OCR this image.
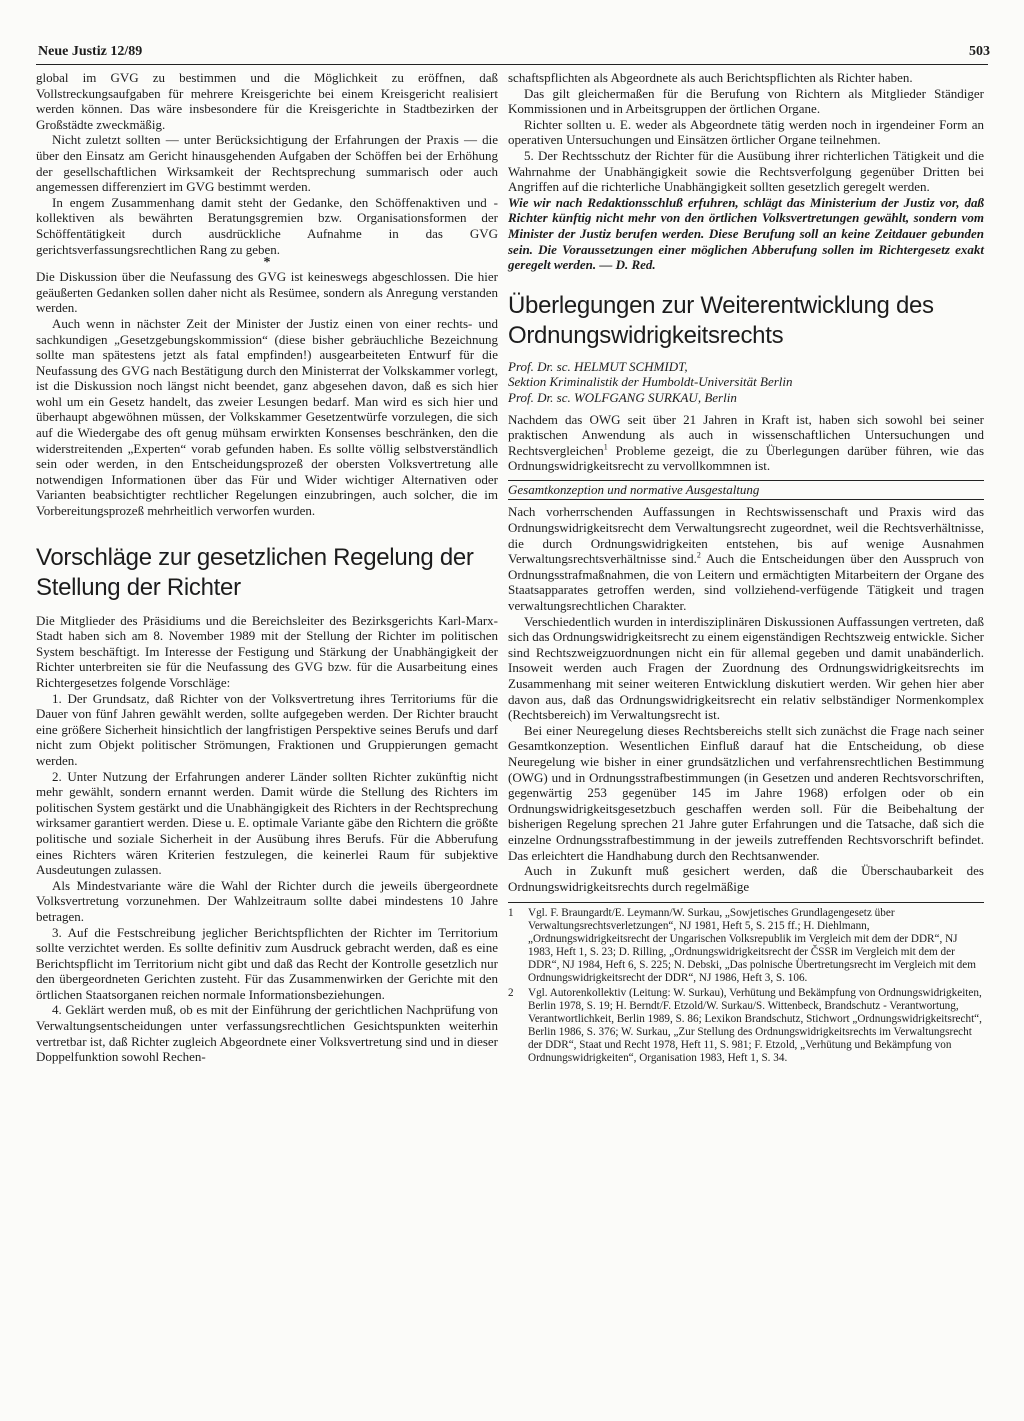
Neue Justiz 12/89	503

global im GVG zu bestimmen und die Möglichkeit zu eröffnen, daß Vollstreckungsaufgaben für mehrere Kreisgerichte bei einem Kreisgericht realisiert werden können. Das wäre insbesondere für die Kreisgerichte in Stadtbezirken der Großstädte zweckmäßig.

Nicht zuletzt sollten — unter Berücksichtigung der Erfahrungen der Praxis — die über den Einsatz am Gericht hinausgehenden Aufgaben der Schöffen bei der Erhöhung der gesellschaftlichen Wirksamkeit der Rechtsprechung summarisch oder auch angemessen differenziert im GVG bestimmt werden.

In engem Zusammenhang damit steht der Gedanke, den Schöffenaktiven und -kollektiven als bewährten Beratungsgremien bzw. Organisationsformen der Schöffentätigkeit durch ausdrückliche Aufnahme in das GVG gerichtsverfassungsrechtlichen Rang zu geben.

*

Die Diskussion über die Neufassung des GVG ist keineswegs abgeschlossen. Die hier geäußerten Gedanken sollen daher nicht als Resümee, sondern als Anregung verstanden werden.

Auch wenn in nächster Zeit der Minister der Justiz einen von einer rechts- und sachkundigen „Gesetzgebungskommission“ (diese bisher gebräuchliche Bezeichnung sollte man spätestens jetzt als fatal empfinden!) ausgearbeiteten Entwurf für die Neufassung des GVG nach Bestätigung durch den Ministerrat der Volkskammer vorlegt, ist die Diskussion noch längst nicht beendet, ganz abgesehen davon, daß es sich hier wohl um ein Gesetz handelt, das zweier Lesungen bedarf. Man wird es sich hier und überhaupt abgewöhnen müssen, der Volkskammer Gesetzentwürfe vorzulegen, die sich auf die Wiedergabe des oft genug mühsam erwirkten Konsenses beschränken, den die widerstreitenden „Experten“ vorab gefunden haben. Es sollte völlig selbstverständlich sein oder werden, in den Entscheidungsprozeß der obersten Volksvertretung alle notwendigen Informationen über das Für und Wider wichtiger Alternativen oder Varianten beabsichtigter rechtlicher Regelungen einzubringen, auch solcher, die im Vorbereitungsprozeß mehrheitlich verworfen wurden.

Vorschläge zur gesetzlichen Regelung der Stellung der Richter

Die Mitglieder des Präsidiums und die Bereichsleiter des Bezirksgerichts Karl-Marx-Stadt haben sich am 8. November 1989 mit der Stellung der Richter im politischen System beschäftigt. Im Interesse der Festigung und Stärkung der Unabhängigkeit der Richter unterbreiten sie für die Neufassung des GVG bzw. für die Ausarbeitung eines Richtergesetzes folgende Vorschläge:

1. Der Grundsatz, daß Richter von der Volksvertretung ihres Territoriums für die Dauer von fünf Jahren gewählt werden, sollte aufgegeben werden. Der Richter braucht eine größere Sicherheit hinsichtlich der langfristigen Perspektive seines Berufs und darf nicht zum Objekt politischer Strömungen, Fraktionen und Gruppierungen gemacht werden.

2. Unter Nutzung der Erfahrungen anderer Länder sollten Richter zukünftig nicht mehr gewählt, sondern ernannt werden. Damit würde die Stellung des Richters im politischen System gestärkt und die Unabhängigkeit des Richters in der Rechtsprechung wirksamer garantiert werden. Diese u. E. optimale Variante gäbe den Richtern die größte politische und soziale Sicherheit in der Ausübung ihres Berufs. Für die Abberufung eines Richters wären Kriterien festzulegen, die keinerlei Raum für subjektive Ausdeutungen zulassen.

Als Mindestvariante wäre die Wahl der Richter durch die jeweils übergeordnete Volksvertretung vorzunehmen. Der Wahlzeitraum sollte dabei mindestens 10 Jahre betragen.

3. Auf die Festschreibung jeglicher Berichtspflichten der Richter im Territorium sollte verzichtet werden. Es sollte definitiv zum Ausdruck gebracht werden, daß es eine Berichtspflicht im Territorium nicht gibt und daß das Recht der Kontrolle gesetzlich nur den übergeordneten Gerichten zusteht. Für das Zusammenwirken der Gerichte mit den örtlichen Staatsorganen reichen normale Informationsbeziehungen.

4. Geklärt werden muß, ob es mit der Einführung der gerichtlichen Nachprüfung von Verwaltungsentscheidungen unter verfassungsrechtlichen Gesichtspunkten weiterhin vertretbar ist, daß Richter zugleich Abgeordnete einer Volksvertretung sind und in dieser Doppelfunktion sowohl Rechen-

schaftspflichten als Abgeordnete als auch Berichtspflichten als Richter haben.

Das gilt gleichermaßen für die Berufung von Richtern als Mitglieder Ständiger Kommissionen und in Arbeitsgruppen der örtlichen Organe.

Richter sollten u. E. weder als Abgeordnete tätig werden noch in irgendeiner Form an operativen Untersuchungen und Einsätzen örtlicher Organe teilnehmen.

5. Der Rechtsschutz der Richter für die Ausübung ihrer richterlichen Tätigkeit und die Wahrnahme der Unabhängigkeit sowie die Rechtsverfolgung gegenüber Dritten bei Angriffen auf die richterliche Unabhängigkeit sollten gesetzlich geregelt werden.

Wie wir nach Redaktionsschluß erfuhren, schlägt das Ministerium der Justiz vor, daß Richter künftig nicht mehr von den örtlichen Volksvertretungen gewählt, sondern vom Minister der Justiz berufen werden. Diese Berufung soll an keine Zeitdauer gebunden sein. Die Voraussetzungen einer möglichen Abberufung sollen im Richtergesetz exakt geregelt werden. — D. Red.

Überlegungen zur Weiterentwicklung des Ordnungswidrigkeitsrechts
Prof. Dr. sc. HELMUT SCHMIDT,
Sektion Kriminalistik der Humboldt-Universität Berlin
Prof. Dr. sc. WOLFGANG SURKAU, Berlin

Nachdem das OWG seit über 21 Jahren in Kraft ist, haben sich sowohl bei seiner praktischen Anwendung als auch in wissenschaftlichen Untersuchungen und Rechtsvergleichen$^1$ Probleme gezeigt, die zu Überlegungen darüber führen, wie das Ordnungswidrigkeitsrecht zu vervollkommnen ist.

Gesamtkonzeption und normative Ausgestaltung

Nach vorherrschenden Auffassungen in Rechtswissenschaft und Praxis wird das Ordnungswidrigkeitsrecht dem Verwaltungsrecht zugeordnet, weil die Rechtsverhältnisse, die durch Ordnungswidrigkeiten entstehen, bis auf wenige Ausnahmen Verwaltungsrechtsverhältnisse sind.$^2$ Auch die Entscheidungen über den Ausspruch von Ordnungsstrafmaßnahmen, die von Leitern und ermächtigten Mitarbeitern der Organe des Staatsapparates getroffen werden, sind vollziehend-verfügende Tätigkeit und tragen verwaltungsrechtlichen Charakter.

Verschiedentlich wurden in interdisziplinären Diskussionen Auffassungen vertreten, daß sich das Ordnungswidrigkeitsrecht zu einem eigenständigen Rechtszweig entwickle. Sicher sind Rechtszweigzuordnungen nicht ein für allemal gegeben und damit unabänderlich. Insoweit werden auch Fragen der Zuordnung des Ordnungswidrigkeitsrechts im Zusammenhang mit seiner weiteren Entwicklung diskutiert werden. Wir gehen hier aber davon aus, daß das Ordnungswidrigkeitsrecht ein relativ selbständiger Normenkomplex (Rechtsbereich) im Verwaltungsrecht ist.

Bei einer Neuregelung dieses Rechtsbereichs stellt sich zunächst die Frage nach seiner Gesamtkonzeption. Wesentlichen Einfluß darauf hat die Entscheidung, ob diese Neuregelung wie bisher in einer grundsätzlichen und verfahrensrechtlichen Bestimmung (OWG) und in Ordnungsstrafbestimmungen (in Gesetzen und anderen Rechtsvorschriften, gegenwärtig 253 gegenüber 145 im Jahre 1968) erfolgen oder ob ein Ordnungswidrigkeitsgesetzbuch geschaffen werden soll. Für die Beibehaltung der bisherigen Regelung sprechen 21 Jahre guter Erfahrungen und die Tatsache, daß sich die einzelne Ordnungsstrafbestimmung in der jeweils zutreffenden Rechtsvorschrift befindet. Das erleichtert die Handhabung durch den Rechtsanwender.

Auch in Zukunft muß gesichert werden, daß die Überschaubarkeit des Ordnungswidrigkeitsrechts durch regelmäßige

1 Vgl. F. Braungardt/E. Leymann/W. Surkau, „Sowjetisches Grundlagengesetz über Verwaltungsrechtsverletzungen“, NJ 1981, Heft 5, S. 215 ff.; H. Diehlmann, „Ordnungswidrigkeitsrecht der Ungarischen Volksrepublik im Vergleich mit dem der DDR“, NJ 1983, Heft 1, S. 23; D. Rilling, „Ordnungswidrigkeitsrecht der ČSSR im Vergleich mit dem der DDR“, NJ 1984, Heft 6, S. 225; N. Debski, „Das polnische Übertretungsrecht im Vergleich mit dem Ordnungswidrigkeitsrecht der DDR“, NJ 1986, Heft 3, S. 106.
2 Vgl. Autorenkollektiv (Leitung: W. Surkau), Verhütung und Bekämpfung von Ordnungswidrigkeiten, Berlin 1978, S. 19; H. Berndt/F. Etzold/W. Surkau/S. Wittenbeck, Brandschutz - Verantwortung, Verantwortlichkeit, Berlin 1989, S. 86; Lexikon Brandschutz, Stichwort „Ordnungswidrigkeitsrecht“, Berlin 1986, S. 376; W. Surkau, „Zur Stellung des Ordnungswidrigkeitsrechts im Verwaltungsrecht der DDR“, Staat und Recht 1978, Heft 11, S. 981; F. Etzold, „Verhütung und Bekämpfung von Ordnungswidrigkeiten“, Organisation 1983, Heft 1, S. 34.
